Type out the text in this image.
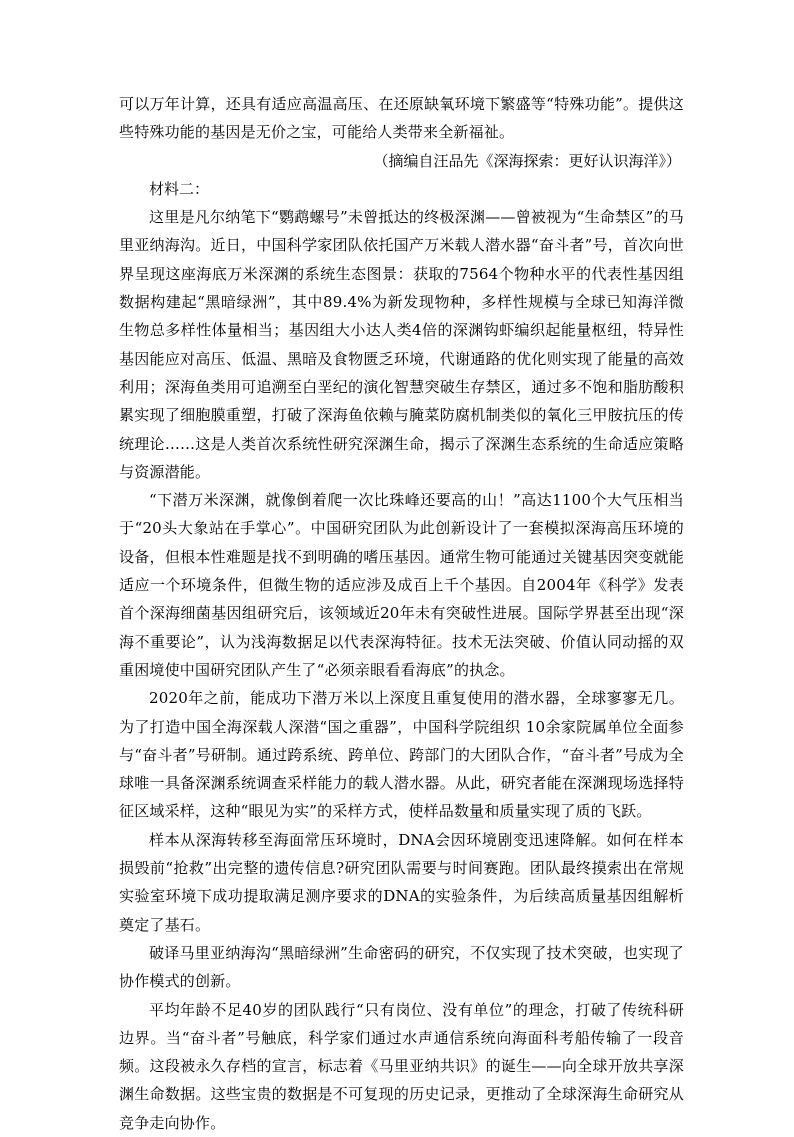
可以万年计算，还具有适应高温高压、在还原缺氧环境下繁盛等“特殊功能”。提供这些特殊功能的基因是无价之宝，可能给人类带来全新福祉。

（摘编自汪品先《深海探索：更好认识海洋》）

材料二：

这里是凡尔纳笔下“鹦鹉螺号”未曾抵达的终极深渊——曾被视为“生命禁区”的马里亚纳海沟。近日，中国科学家团队依托国产万米载人潜水器“奋斗者”号，首次向世界呈现这座海底万米深渊的系统生态图景：获取的7564个物种水平的代表性基因组数据构建起“黑暗绿洲”，其中89.4%为新发现物种，多样性规模与全球已知海洋微生物总多样性体量相当；基因组大小达人类4倍的深渊钩虾编织起能量枢纽，特异性基因能应对高压、低温、黑暗及食物匮乏环境，代谢通路的优化则实现了能量的高效利用；深海鱼类用可追溯至白垩纪的演化智慧突破生存禁区，通过多不饱和脂肪酸积累实现了细胞膜重塑，打破了深海鱼依赖与腌菜防腐机制类似的氧化三甲胺抗压的传统理论……这是人类首次系统性研究深渊生命，揭示了深渊生态系统的生命适应策略与资源潜能。

“下潜万米深渊，就像倒着爬一次比珠峰还要高的山！”高达1100个大气压相当于“20头大象站在手掌心”。中国研究团队为此创新设计了一套模拟深海高压环境的设备，但根本性难题是找不到明确的嗜压基因。通常生物可能通过关键基因突变就能适应一个环境条件，但微生物的适应涉及成百上千个基因。自2004年《科学》发表首个深海细菌基因组研究后，该领域近20年未有突破性进展。国际学界甚至出现“深海不重要论”，认为浅海数据足以代表深海特征。技术无法突破、价值认同动摇的双重困境使中国研究团队产生了“必须亲眼看看海底”的执念。

2020年之前，能成功下潜万米以上深度且重复使用的潜水器，全球寥寥无几。为了打造中国全海深载人深潜“国之重器”，中国科学院组织 10余家院属单位全面参与“奋斗者”号研制。通过跨系统、跨单位、跨部门的大团队合作，“奋斗者”号成为全球唯一具备深渊系统调查采样能力的载人潜水器。从此，研究者能在深渊现场选择特征区域采样，这种“眼见为实”的采样方式，使样品数量和质量实现了质的飞跃。

样本从深海转移至海面常压环境时，DNA会因环境剧变迅速降解。如何在样本损毁前“抢救”出完整的遗传信息?研究团队需要与时间赛跑。团队最终摸索出在常规实验室环境下成功提取满足测序要求的DNA的实验条件，为后续高质量基因组解析奠定了基石。

破译马里亚纳海沟“黑暗绿洲”生命密码的研究，不仅实现了技术突破，也实现了协作模式的创新。

平均年龄不足40岁的团队践行“只有岗位、没有单位”的理念，打破了传统科研边界。当“奋斗者”号触底，科学家们通过水声通信系统向海面科考船传输了一段音频。这段被永久存档的宣言，标志着《马里亚纳共识》的诞生——向全球开放共享深渊生命数据。这些宝贵的数据是不可复现的历史记录，更推动了全球深海生命研究从竞争走向协作。
